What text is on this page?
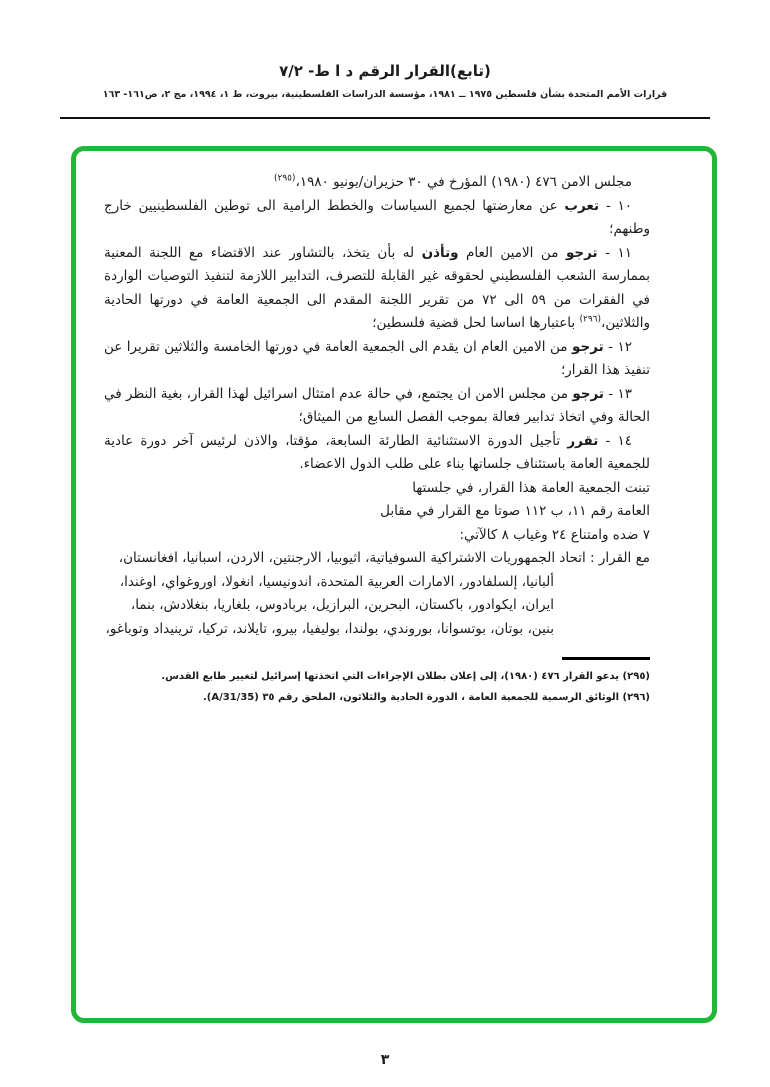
(تابع)القرار الرقم د ا ط- ٧/٢
قرارات الأمم المتحدة بشأن فلسطين ١٩٧٥ ــ ١٩٨١، مؤسسة الدراسات الفلسطينية، بيروت، ط ١، ١٩٩٤، مج ٢، ص١٦١- ١٦٣

مجلس الامن ٤٧٦ (١٩٨٠) المؤرخ في ٣٠ حزيران/يونيو ١٩٨٠،$^{(٢٩٥)}$

١٠ - تعرب عن معارضتها لجميع السياسات والخطط الرامية الى توطين الفلسطينيين خارج وطنهم؛

١١ - ترجو من الامين العام وتأذن له بأن يتخذ، بالتشاور عند الاقتضاء مع اللجنة المعنية بممارسة الشعب الفلسطيني لحقوقه غير القابلة للتصرف، التدابير اللازمة لتنفيذ التوصيات الواردة في الفقرات من ٥٩ الى ٧٢ من تقرير اللجنة المقدم الى الجمعية العامة في دورتها الحادية والثلاثين،$^{(٢٩٦)}$ باعتبارها اساسا لحل قضية فلسطين؛

١٢ - ترجو من الامين العام ان يقدم الى الجمعية العامة في دورتها الخامسة والثلاثين تقريرا عن تنفيذ هذا القرار؛

١٣ - ترجو من مجلس الامن ان يجتمع، في حالة عدم امتثال اسرائيل لهذا القرار، بغية النظر في الحالة وفي اتخاذ تدابير فعالة بموجب الفصل السابع من الميثاق؛

١٤ - تقرر تأجيل الدورة الاستثنائية الطارئة السابعة، مؤقتا، والاذن لرئيس آخر دورة عادية للجمعية العامة باستئناف جلساتها بناء على طلب الدول الاعضاء.

تبنت الجمعية العامة هذا القرار، في جلستها العامة رقم ١١، ب ١١٢ صوتا مع القرار في مقابل ٧ ضده وامتناع ٢٤ وغياب ٨ كالآتي:

مع القرار : اتحاد الجمهوريات الاشتراكية السوفياتية، اثيوبيا، الارجنتين، الاردن، اسبانيا، افغانستان، ألبانيا، إلسلفادور، الامارات العربية المتحدة، اندونيسيا، انغولا، اوروغواي، اوغندا، ايران، ايكوادور، باكستان، البحرين، البرازيل، بربادوس، بلغاريا، بنغلادش، بنما، بنين، بوتان، بوتسوانا، بوروندي، بولندا، بوليفيا، بيرو، تايلاند، تركيا، ترينيداد وتوباغو،

(٢٩٥) يدعو القرار ٤٧٦ (١٩٨٠)، إلى إعلان بطلان الإجراءات التي اتخذتها إسرائيل لتغيير طابع القدس.

(٢٩٦) الوثائق الرسمية للجمعية العامة ، الدورة الحادية والثلاثون، الملحق رقم ٣٥ (A/31/35).

٣
